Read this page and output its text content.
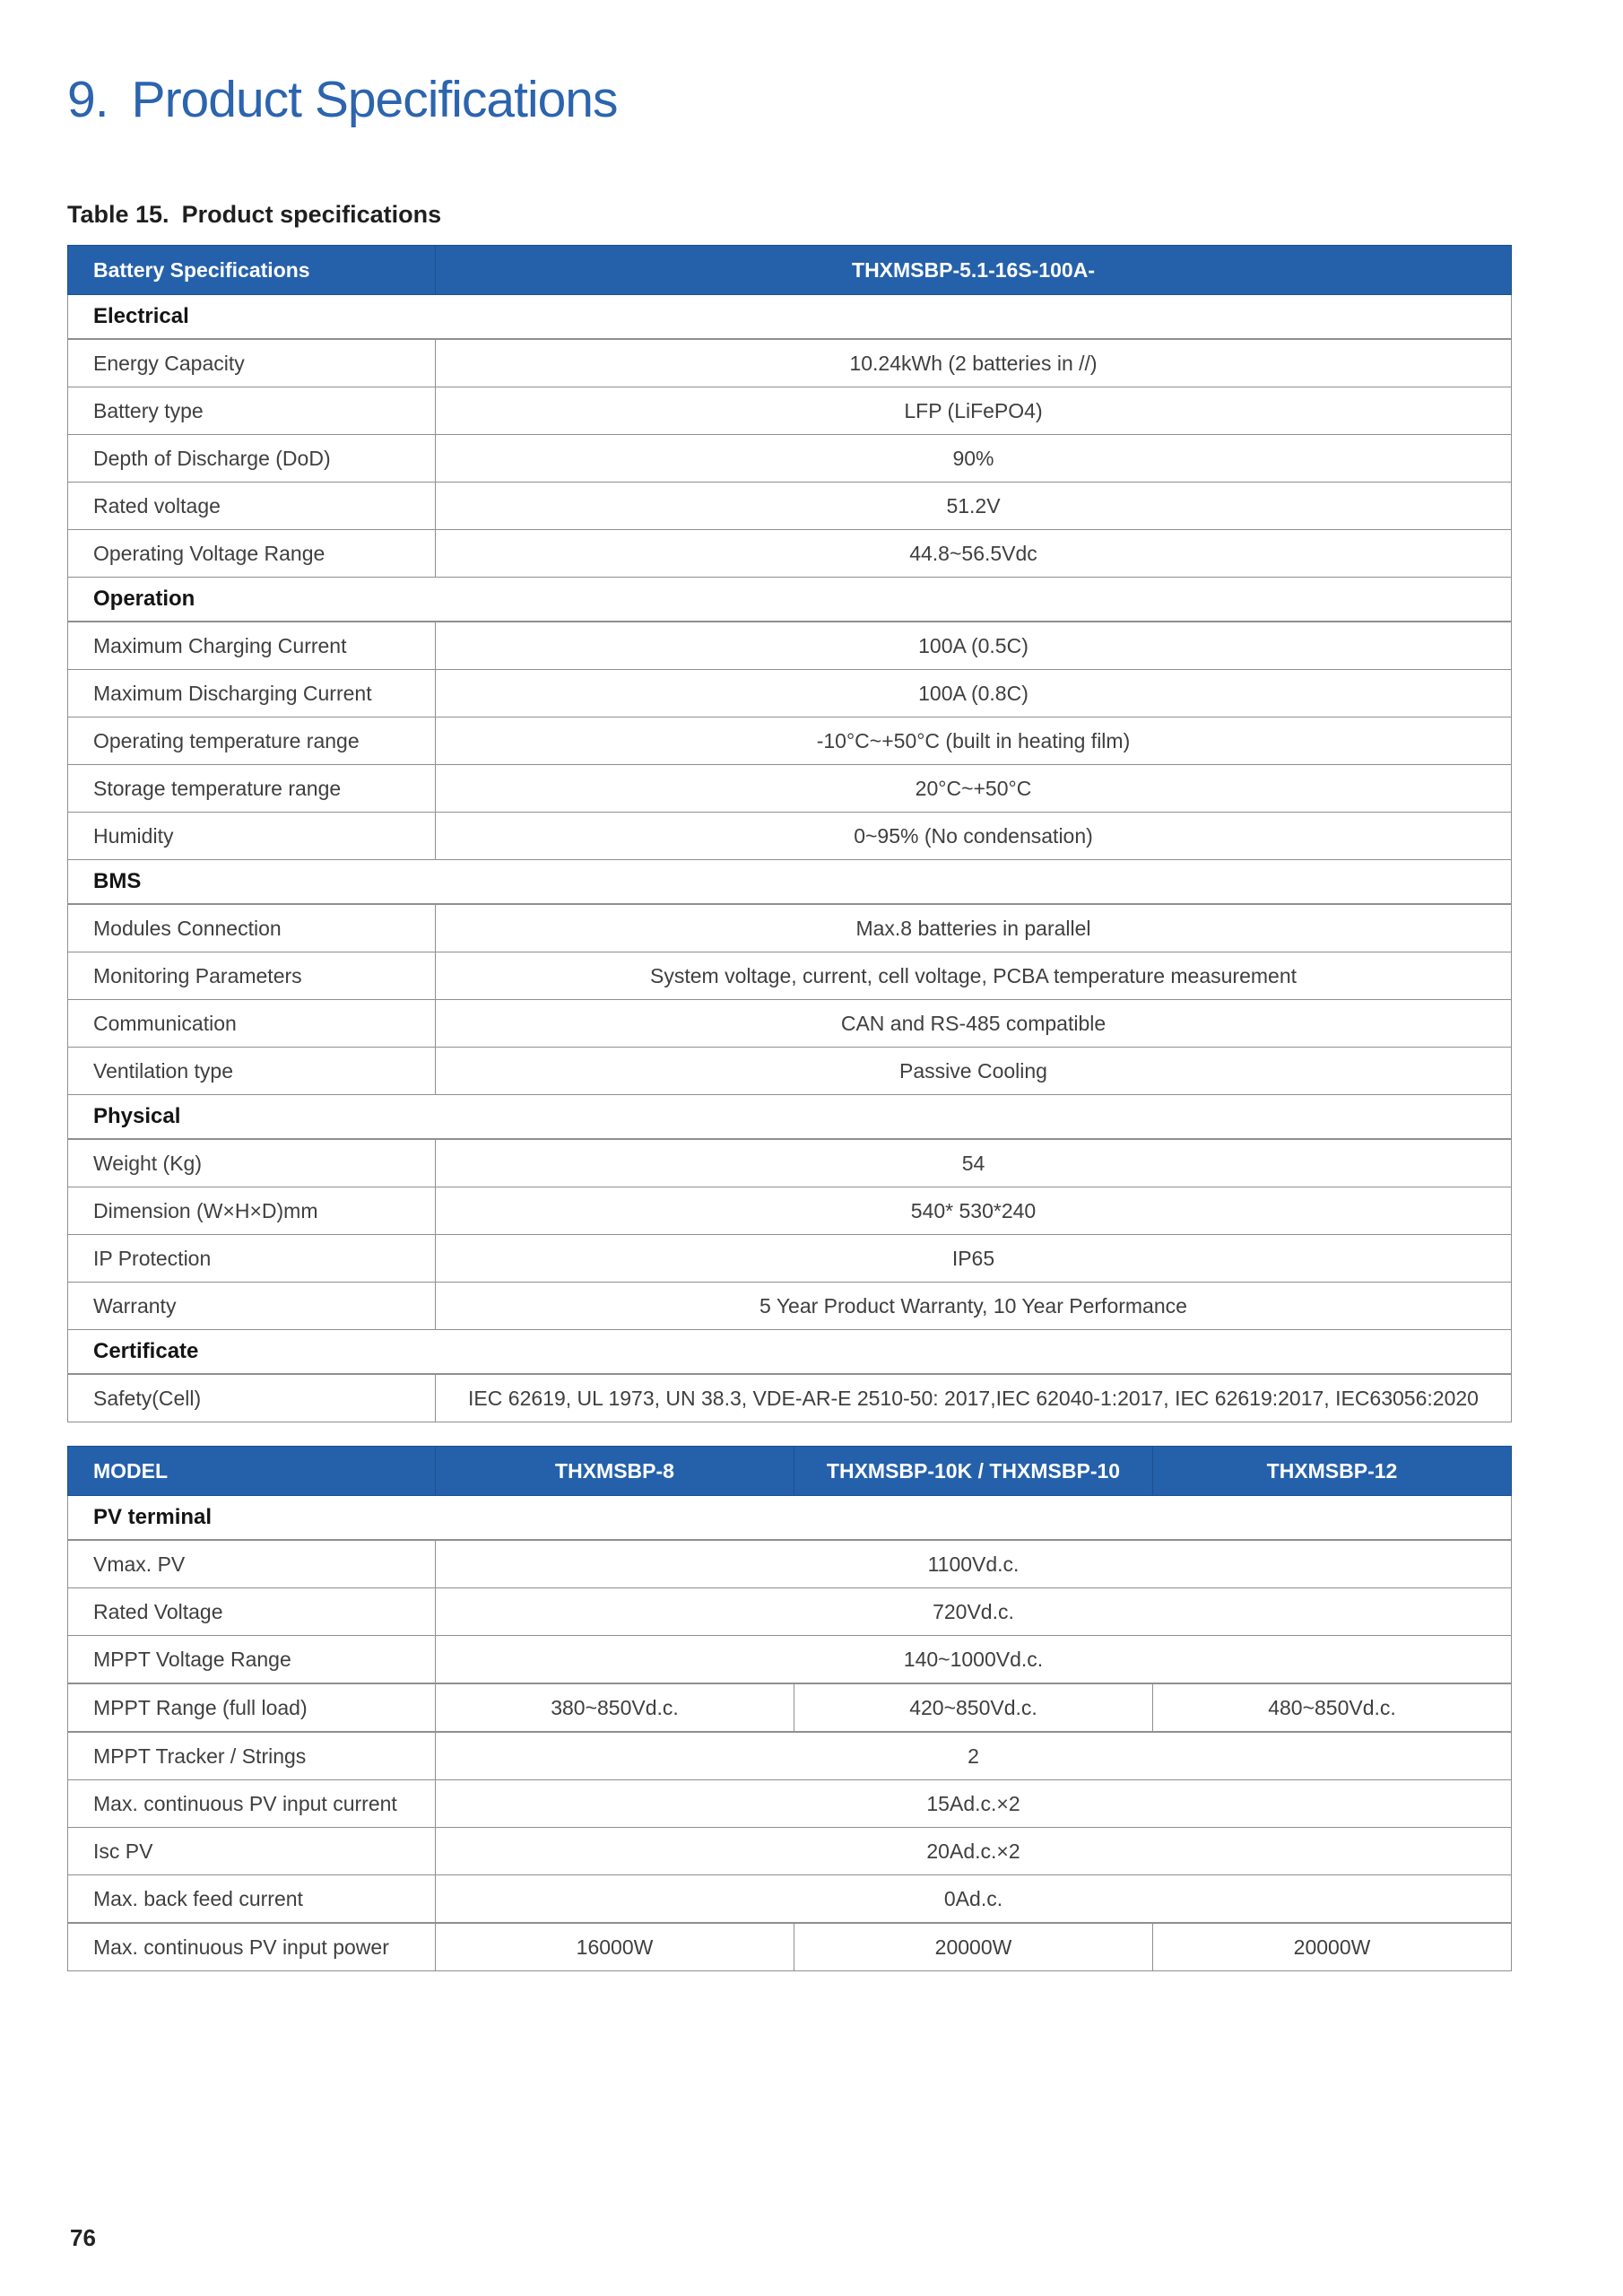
9. Product Specifications
Table 15. Product specifications
Battery Specifications	THXMSBP-5.1-16S-100A-
Electrical	
Energy Capacity	10.24kWh (2 batteries in //)
Battery type	LFP (LiFePO4)
Depth of Discharge (DoD)	90%
Rated voltage	51.2V
Operating Voltage Range	44.8~56.5Vdc
Operation	
Maximum Charging Current	100A (0.5C)
Maximum Discharging Current	100A (0.8C)
Operating temperature range	-10°C~+50°C (built in heating film)
Storage temperature range	20°C~+50°C
Humidity	0~95% (No condensation)
BMS	
Modules Connection	Max.8 batteries in parallel
Monitoring Parameters	System voltage, current, cell voltage, PCBA temperature measurement
Communication	CAN and RS-485 compatible
Ventilation type	Passive Cooling
Physical	
Weight (Kg)	54
Dimension (W×H×D)mm	540* 530*240
IP Protection	IP65
Warranty	5 Year Product Warranty, 10 Year Performance
Certificate	
Safety(Cell)	IEC 62619, UL 1973, UN 38.3, VDE-AR-E 2510-50: 2017,IEC 62040-1:2017, IEC 62619:2017, IEC63056:2020
MODEL	THXMSBP-8	THXMSBP-10K / THXMSBP-10	THXMSBP-12
PV terminal			
Vmax. PV	1100Vd.c.		
Rated Voltage	720Vd.c.		
MPPT Voltage Range	140~1000Vd.c.		
MPPT Range (full load)	380~850Vd.c.	420~850Vd.c.	480~850Vd.c.
MPPT Tracker / Strings	2		
Max. continuous PV input current	15Ad.c.×2		
Isc PV	20Ad.c.×2		
Max. back feed current	0Ad.c.		
Max. continuous PV input power	16000W	20000W	20000W
76
